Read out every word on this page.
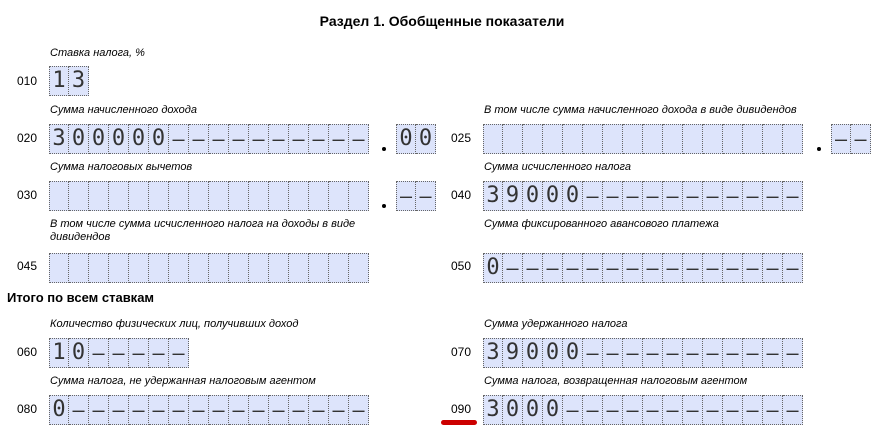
Раздел 1. Обобщенные показатели
Итого по всем ставкам
Ставка налога, %
010 1 3
Сумма начисленного дохода
020 3 0 0 0 0 0 – – – – – – – – – – 0 0
В том числе сумма начисленного дохода в виде дивидендов
025	– –
Сумма налоговых вычетов
030	– –
Сумма исчисленного налога
040 3 9 0 0 0 – – – – – – – – – – –
В том числе сумма исчисленного налога на доходы в виде дивидендов
045
Сумма фиксированного авансового платежа
050 0 – – – – – – – – – – – – – – –
Количество физических лиц, получивших доход
060 1 0 – – – – –
Сумма удержанного налога
070 3 9 0 0 0 – – – – – – – – – – –
Сумма налога, не удержанная налоговым агентом
080 0 – – – – – – – – – – – – – – –
Сумма налога, возвращенная налоговым агентом
090 3 0 0 0 – – – – – – – – – – – –
